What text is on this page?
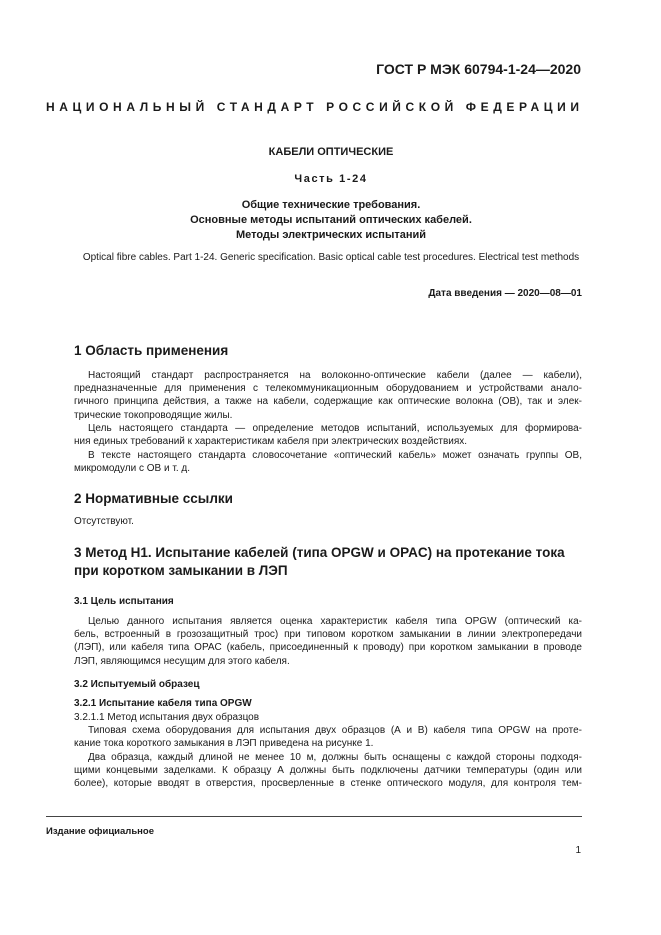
ГОСТ Р МЭК 60794-1-24—2020
НАЦИОНАЛЬНЫЙ СТАНДАРТ РОССИЙСКОЙ ФЕДЕРАЦИИ
КАБЕЛИ ОПТИЧЕСКИЕ
Часть 1-24
Общие технические требования.
Основные методы испытаний оптических кабелей.
Методы электрических испытаний
Optical fibre cables. Part 1-24. Generic specification. Basic optical cable test procedures. Electrical test methods
Дата введения — 2020—08—01
1 Область применения
Настоящий стандарт распространяется на волоконно-оптические кабели (далее — кабели),
предназначенные для применения с телекоммуникационным оборудованием и устройствами анало-
гичного принципа действия, а также на кабели, содержащие как оптические волокна (ОВ), так и элек-
трические токопроводящие жилы.
Цель настоящего стандарта — определение методов испытаний, используемых для формирова-
ния единых требований к характеристикам кабеля при электрических воздействиях.
В тексте настоящего стандарта словосочетание «оптический кабель» может означать группы ОВ,
микромодули с ОВ и т. д.
2 Нормативные ссылки
Отсутствуют.
3 Метод H1. Испытание кабелей (типа OPGW и OPAC) на протекание тока
при коротком замыкании в ЛЭП
3.1 Цель испытания
Целью данного испытания является оценка характеристик кабеля типа OPGW (оптический ка-
бель, встроенный в грозозащитный трос) при типовом коротком замыкании в линии электропередачи
(ЛЭП), или кабеля типа OPAC (кабель, присоединенный к проводу) при коротком замыкании в проводе
ЛЭП, являющимся несущим для этого кабеля.
3.2 Испытуемый образец
3.2.1 Испытание кабеля типа OPGW
3.2.1.1 Метод испытания двух образцов
Типовая схема оборудования для испытания двух образцов (А и В) кабеля типа OPGW на проте-
кание тока короткого замыкания в ЛЭП приведена на рисунке 1.
Два образца, каждый длиной не менее 10 м, должны быть оснащены с каждой стороны подходя-
щими концевыми заделками. К образцу А должны быть подключены датчики температуры (один или
более), которые вводят в отверстия, просверленные в стенке оптического модуля, для контроля тем-
Издание официальное
1
